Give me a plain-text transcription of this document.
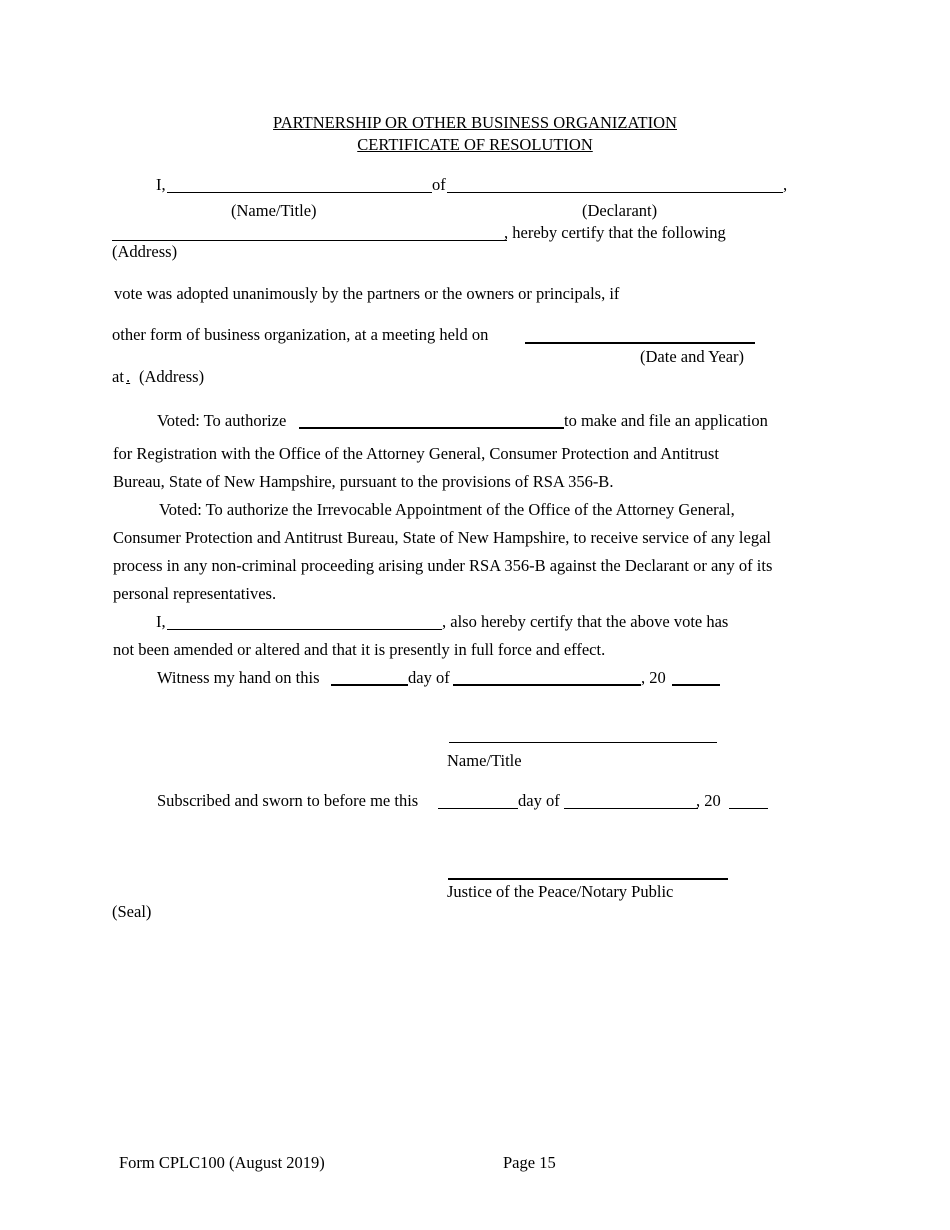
PARTNERSHIP OR OTHER BUSINESS ORGANIZATION
CERTIFICATE OF RESOLUTION
I,	of	,
(Name/Title)	(Declarant)
, hereby certify that the following
(Address)
vote was adopted unanimously by the partners or the owners or principals, if
other form of business organization, at a meeting held on
(Date and Year)
at . (Address)
Voted: To authorize	to make and file an application
for Registration with the Office of the Attorney General, Consumer Protection and Antitrust
Bureau, State of New Hampshire, pursuant to the provisions of RSA 356-B.
Voted: To authorize the Irrevocable Appointment of the Office of the Attorney General,
Consumer Protection and Antitrust Bureau, State of New Hampshire, to receive service of any legal
process in any non-criminal proceeding arising under RSA 356-B against the Declarant or any of its
personal representatives.
I,	, also hereby certify that the above vote has
not been amended or altered and that it is presently in full force and effect.
Witness my hand on this	day of	, 20
Name/Title
Subscribed and sworn to before me this	day of	, 20
Justice of the Peace/Notary Public
(Seal)
Form CPLC100 (August 2019)	Page 15
